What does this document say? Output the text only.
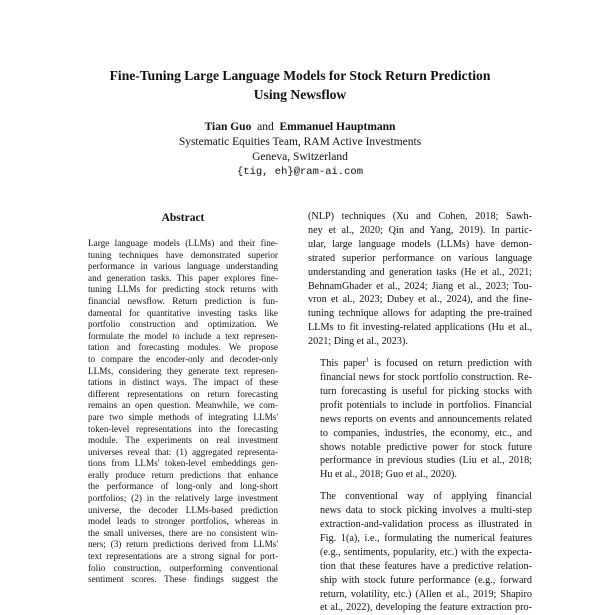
Fine-Tuning Large Language Models for Stock Return Prediction
Using Newsflow
Tian Guo and Emmanuel Hauptmann
Systematic Equities Team, RAM Active Investments
Geneva, Switzerland
{tig, eh}@ram-ai.com
Abstract
Large language models (LLMs) and their fine-
tuning techniques have demonstrated superior
performance in various language understanding
and generation tasks. This paper explores fine-
tuning LLMs for predicting stock returns with
financial newsflow. Return prediction is fun-
damental for quantitative investing tasks like
portfolio construction and optimization. We
formulate the model to include a text represen-
tation and forecasting modules. We propose
to compare the encoder-only and decoder-only
LLMs, considering they generate text represen-
tations in distinct ways. The impact of these
different representations on return forecasting
remains an open question. Meanwhile, we com-
pare two simple methods of integrating LLMs'
token-level representations into the forecasting
module. The experiments on real investment
universes reveal that: (1) aggregated representa-
tions from LLMs' token-level embeddings gen-
erally produce return predictions that enhance
the performance of long-only and long-short
portfolios; (2) in the relatively large investment
universe, the decoder LLMs-based prediction
model leads to stronger portfolios, whereas in
the small universes, there are no consistent win-
ners; (3) return predictions derived from LLMs'
text representations are a strong signal for port-
folio construction, outperforming conventional
sentiment scores. These findings suggest the

(NLP) techniques (Xu and Cohen, 2018; Sawh-
ney et al., 2020; Qin and Yang, 2019). In partic-
ular, large language models (LLMs) have demon-
strated superior performance on various language
understanding and generation tasks (He et al., 2021;
BehnamGhader et al., 2024; Jiang et al., 2023; Tou-
vron et al., 2023; Dubey et al., 2024), and the fine-
tuning technique allows for adapting the pre-trained
LLMs to fit investing-related applications (Hu et al.,
2021; Ding et al., 2023).

This paper$^1$ is focused on return prediction with
financial news for stock portfolio construction. Re-
turn forecasting is useful for picking stocks with
profit potentials to include in portfolios. Financial
news reports on events and announcements related
to companies, industries, the economy, etc., and
shows notable predictive power for stock future
performance in previous studies (Liu et al., 2018;
Hu et al., 2018; Guo et al., 2020).

The conventional way of applying financial
news data to stock picking involves a multi-step
extraction-and-validation process as illustrated in
Fig. 1(a), i.e., formulating the numerical features
(e.g., sentiments, popularity, etc.) with the expecta-
tion that these features have a predictive relation-
ship with stock future performance (e.g., forward
return, volatility, etc.) (Allen et al., 2019; Shapiro
et al., 2022), developing the feature extraction pro-
